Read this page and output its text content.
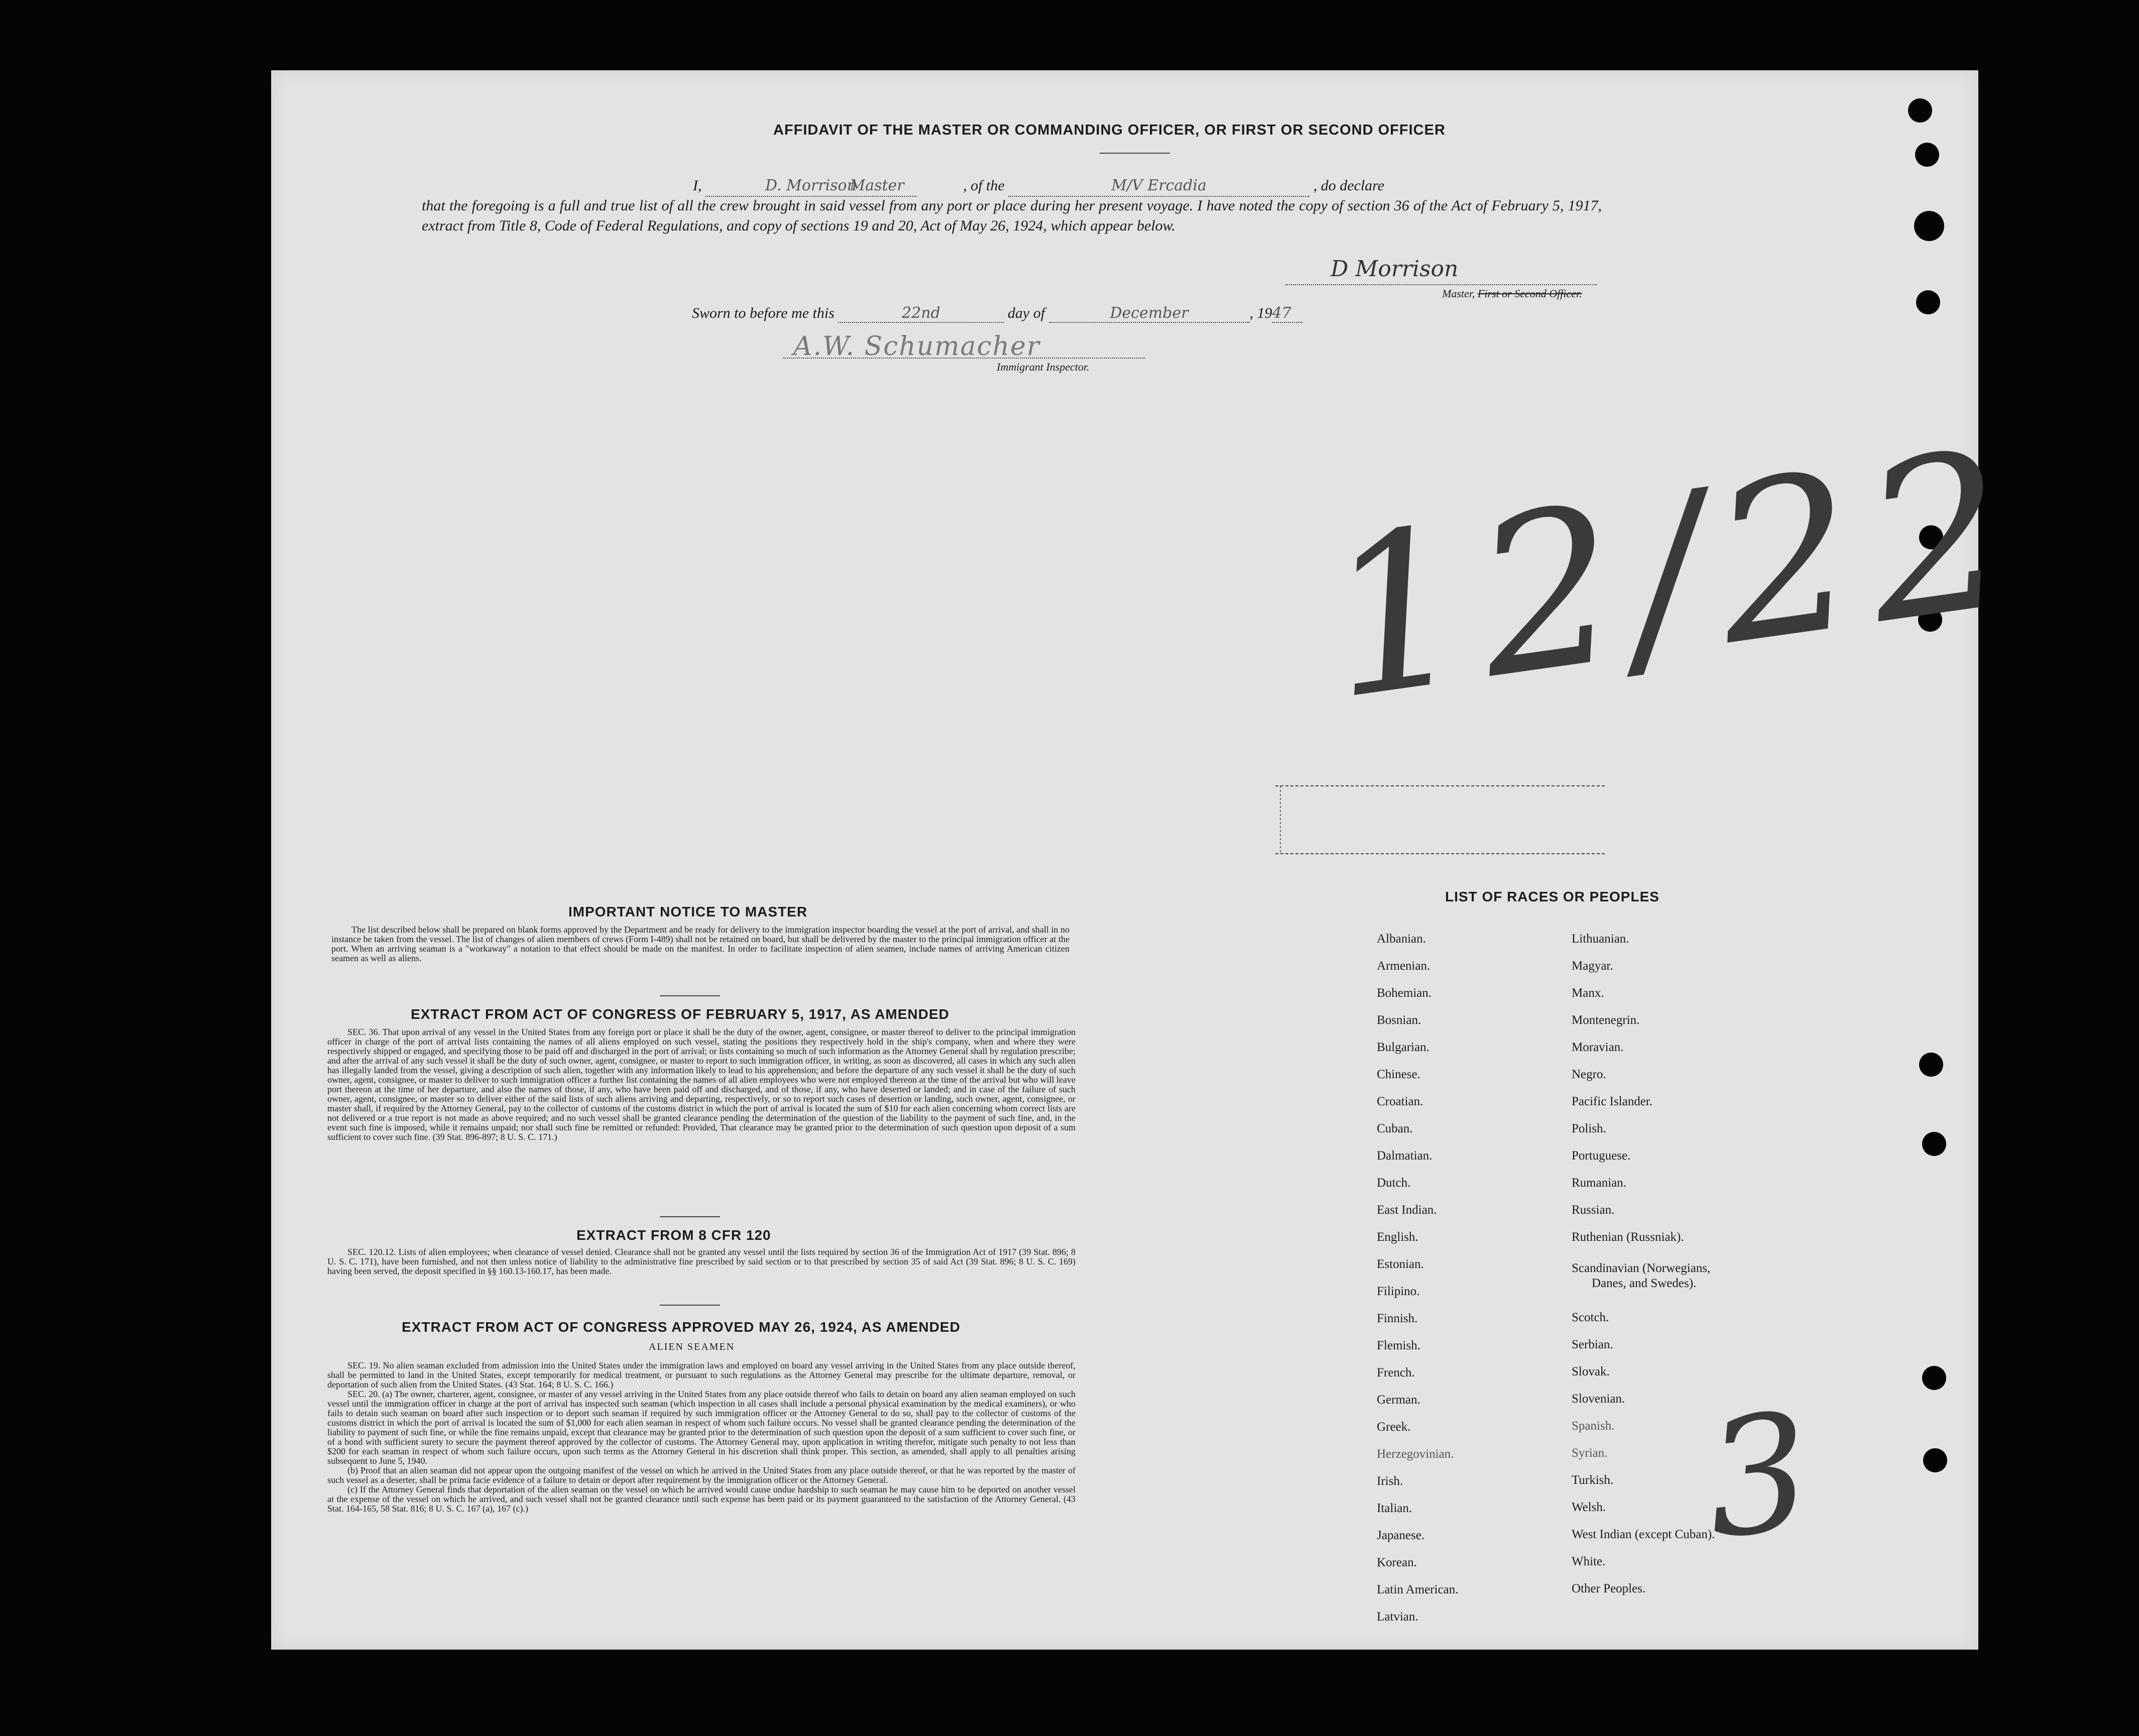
AFFIDAVIT OF THE MASTER OR COMMANDING OFFICER, OR FIRST OR SECOND OFFICER
I,	D. Morrison Master	, of the	M/V Ercadia	, do declare
that the foregoing is a full and true list of all the crew brought in said vessel from any port or place during her present voyage. I have noted the copy of section 36 of the Act of February 5, 1917, extract from Title 8, Code of Federal Regulations, and copy of sections 19 and 20, Act of May 26, 1924, which appear below.
D Morrison
Master, First or Second Officer.
Sworn to before me this	22nd	day of	December	, 1947
A.W. Schumacher
Immigrant Inspector.
12/22
IMPORTANT NOTICE TO MASTER

The list described below shall be prepared on blank forms approved by the Department and be ready for delivery to the immigration inspector boarding the vessel at the port of arrival, and shall in no instance be taken from the vessel. The list of changes of alien members of crews (Form I-489) shall not be retained on board, but shall be delivered by the master to the principal immigration officer at the port. When an arriving seaman is a "workaway" a notation to that effect should be made on the manifest. In order to facilitate inspection of alien seamen, include names of arriving American citizen seamen as well as aliens.

EXTRACT FROM ACT OF CONGRESS OF FEBRUARY 5, 1917, AS AMENDED

SEC. 36. That upon arrival of any vessel in the United States from any foreign port or place it shall be the duty of the owner, agent, consignee, or master thereof to deliver to the principal immigration officer in charge of the port of arrival lists containing the names of all aliens employed on such vessel, stating the positions they respectively hold in the ship's company, when and where they were respectively shipped or engaged, and specifying those to be paid off and discharged in the port of arrival; or lists containing so much of such information as the Attorney General shall by regulation prescribe; and after the arrival of any such vessel it shall be the duty of such owner, agent, consignee, or master to report to such immigration officer, in writing, as soon as discovered, all cases in which any such alien has illegally landed from the vessel, giving a description of such alien, together with any information likely to lead to his apprehension; and before the departure of any such vessel it shall be the duty of such owner, agent, consignee, or master to deliver to such immigration officer a further list containing the names of all alien employees who were not employed thereon at the time of the arrival but who will leave port thereon at the time of her departure, and also the names of those, if any, who have been paid off and discharged, and of those, if any, who have deserted or landed; and in case of the failure of such owner, agent, consignee, or master so to deliver either of the said lists of such aliens arriving and departing, respectively, or so to report such cases of desertion or landing, such owner, agent, consignee, or master shall, if required by the Attorney General, pay to the collector of customs of the customs district in which the port of arrival is located the sum of $10 for each alien concerning whom correct lists are not delivered or a true report is not made as above required; and no such vessel shall be granted clearance pending the determination of the question of the liability to the payment of such fine, and, in the event such fine is imposed, while it remains unpaid; nor shall such fine be remitted or refunded: Provided, That clearance may be granted prior to the determination of such question upon deposit of a sum sufficient to cover such fine. (39 Stat. 896-897; 8 U. S. C. 171.)

EXTRACT FROM 8 CFR 120

SEC. 120.12. Lists of alien employees; when clearance of vessel denied. Clearance shall not be granted any vessel until the lists required by section 36 of the Immigration Act of 1917 (39 Stat. 896; 8 U. S. C. 171), have been furnished, and not then unless notice of liability to the administrative fine prescribed by said section or to that prescribed by section 35 of said Act (39 Stat. 896; 8 U. S. C. 169) having been served, the deposit specified in §§ 160.13-160.17, has been made.

EXTRACT FROM ACT OF CONGRESS APPROVED MAY 26, 1924, AS AMENDED
ALIEN SEAMEN

SEC. 19. No alien seaman excluded from admission into the United States under the immigration laws and employed on board any vessel arriving in the United States from any place outside thereof, shall be permitted to land in the United States, except temporarily for medical treatment, or pursuant to such regulations as the Attorney General may prescribe for the ultimate departure, removal, or deportation of such alien from the United States. (43 Stat. 164; 8 U. S. C. 166.)

SEC. 20. (a) The owner, charterer, agent, consignee, or master of any vessel arriving in the United States from any place outside thereof who fails to detain on board any alien seaman employed on such vessel until the immigration officer in charge at the port of arrival has inspected such seaman (which inspection in all cases shall include a personal physical examination by the medical examiners), or who fails to detain such seaman on board after such inspection or to deport such seaman if required by such immigration officer or the Attorney General to do so, shall pay to the collector of customs of the customs district in which the port of arrival is located the sum of $1,000 for each alien seaman in respect of whom such failure occurs. No vessel shall be granted clearance pending the determination of the liability to payment of such fine, or while the fine remains unpaid, except that clearance may be granted prior to the determination of such question upon the deposit of a sum sufficient to cover such fine, or of a bond with sufficient surety to secure the payment thereof approved by the collector of customs. The Attorney General may, upon application in writing therefor, mitigate such penalty to not less than $200 for each seaman in respect of whom such failure occurs, upon such terms as the Attorney General in his discretion shall think proper. This section, as amended, shall apply to all penalties arising subsequent to June 5, 1940.

(b) Proof that an alien seaman did not appear upon the outgoing manifest of the vessel on which he arrived in the United States from any place outside thereof, or that he was reported by the master of such vessel as a deserter, shall be prima facie evidence of a failure to detain or deport after requirement by the immigration officer or the Attorney General.

(c) If the Attorney General finds that deportation of the alien seaman on the vessel on which he arrived would cause undue hardship to such seaman he may cause him to be deported on another vessel at the expense of the vessel on which he arrived, and such vessel shall not be granted clearance until such expense has been paid or its payment guaranteed to the satisfaction of the Attorney General. (43 Stat. 164-165, 58 Stat. 816; 8 U. S. C. 167 (a), 167 (c).)

LIST OF RACES OR PEOPLES
Albanian.
Armenian.
Bohemian.
Bosnian.
Bulgarian.
Chinese.
Croatian.
Cuban.
Dalmatian.
Dutch.
East Indian.
English.
Estonian.
Filipino.
Finnish.
Flemish.
French.
German.
Greek.
Herzegovinian.
Irish.
Italian.
Japanese.
Korean.
Latin American.
Latvian.
Lithuanian.
Magyar.
Manx.
Montenegrin.
Moravian.
Negro.
Pacific Islander.
Polish.
Portuguese.
Rumanian.
Russian.
Ruthenian (Russniak).
Scandinavian (Norwegians,
Danes, and Swedes).
Scotch.
Serbian.
Slovak.
Slovenian.
Spanish.
Syrian.
Turkish.
Welsh.
West Indian (except Cuban).
White.
Other Peoples.
3
